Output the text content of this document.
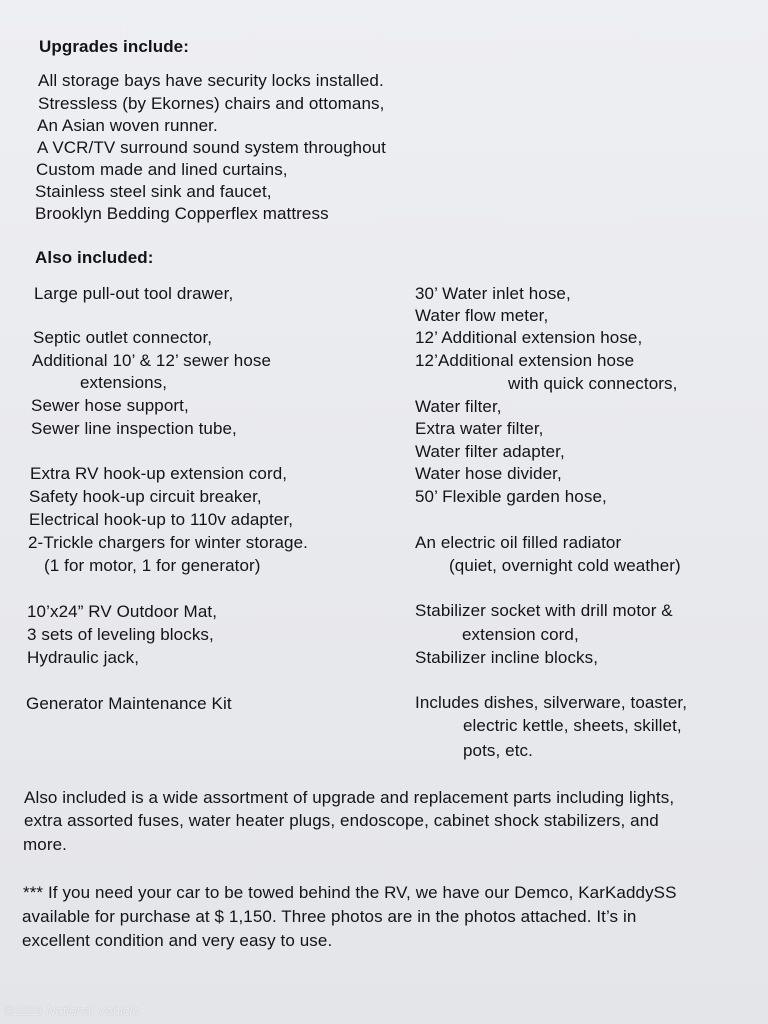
Upgrades include:
All storage bays have security locks installed.
Stressless (by Ekornes) chairs and ottomans,
An Asian woven runner.
A VCR/TV surround sound system throughout
Custom made and lined curtains,
Stainless steel sink and faucet,
Brooklyn Bedding Copperflex mattress
Also included:
Large pull-out tool drawer,
Septic outlet connector,
Additional 10’ & 12’ sewer hose
extensions,
Sewer hose support,
Sewer line inspection tube,
Extra RV hook-up extension cord,
Safety hook-up circuit breaker,
Electrical hook-up to 110v adapter,
2-Trickle chargers for winter storage.
(1 for motor, 1 for generator)
10’x24” RV Outdoor Mat,
3 sets of leveling blocks,
Hydraulic jack,
Generator Maintenance Kit
30’ Water inlet hose,
Water flow meter,
12’ Additional extension hose,
12’Additional extension hose
with quick connectors,
Water filter,
Extra water filter,
Water filter adapter,
Water hose divider,
50’ Flexible garden hose,
An electric oil filled radiator
(quiet, overnight cold weather)
Stabilizer socket with drill motor &
extension cord,
Stabilizer incline blocks,
Includes dishes, silverware, toaster,
electric kettle, sheets, skillet,
pots, etc.
Also included is a wide assortment of upgrade and replacement parts including lights,
extra assorted fuses, water heater plugs, endoscope, cabinet shock stabilizers, and
more.
*** If you need your car to be towed behind the RV, we have our Demco, KarKaddySS
available for purchase at $ 1,150. Three photos are in the photos attached. It’s in
excellent condition and very easy to use.
©2026 National Vehicle
